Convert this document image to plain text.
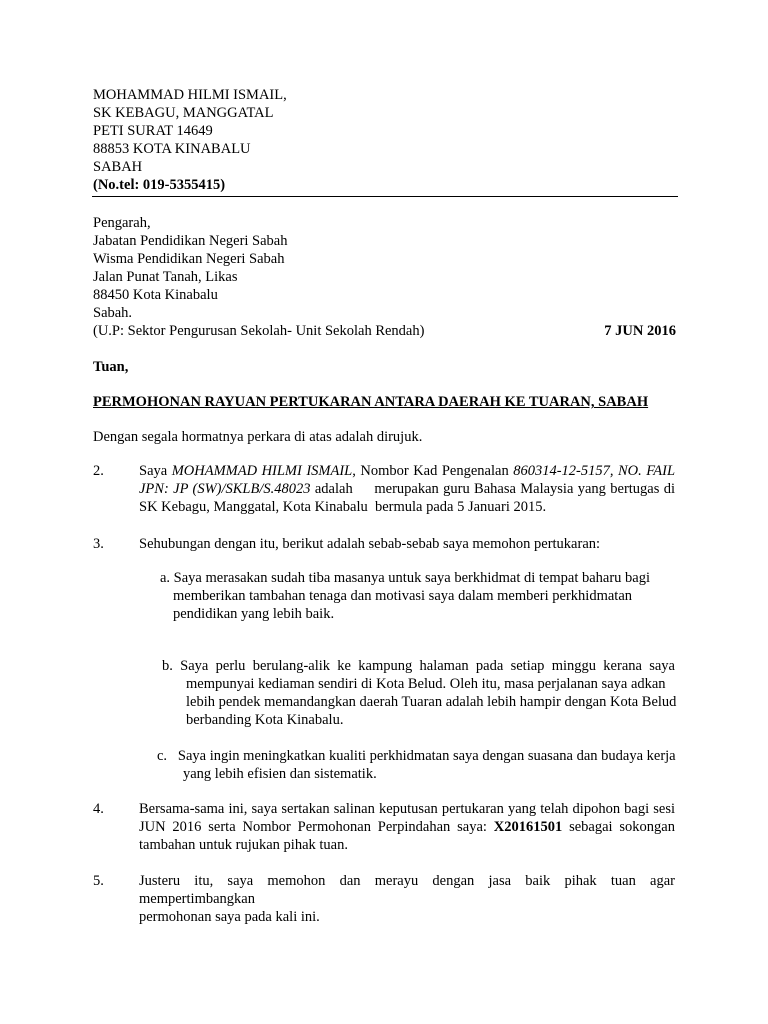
MOHAMMAD HILMI ISMAIL,
SK KEBAGU, MANGGATAL
PETI SURAT 14649
88853 KOTA KINABALU
SABAH
(No.tel: 019-5355415)
Pengarah,
Jabatan Pendidikan Negeri Sabah
Wisma Pendidikan Negeri Sabah
Jalan Punat Tanah, Likas
88450 Kota Kinabalu
Sabah.
(U.P: Sektor Pengurusan Sekolah- Unit Sekolah Rendah)	7 JUN 2016
Tuan,
PERMOHONAN RAYUAN PERTUKARAN ANTARA DAERAH KE TUARAN, SABAH
Dengan segala hormatnya perkara di atas adalah dirujuk.
2. Saya MOHAMMAD HILMI ISMAIL, Nombor Kad Pengenalan 860314-12-5157, NO. FAIL
JPN: JP (SW)/SKLB/S.48023 adalah     merupakan guru Bahasa Malaysia yang bertugas di
SK Kebagu, Manggatal, Kota Kinabalu  bermula pada 5 Januari 2015.
3. Sehubungan dengan itu, berikut adalah sebab-sebab saya memohon pertukaran:
a. Saya merasakan sudah tiba masanya untuk saya berkhidmat di tempat baharu bagi
memberikan tambahan tenaga dan motivasi saya dalam memberi perkhidmatan
pendidikan yang lebih baik.
b. Saya perlu berulang-alik ke kampung halaman pada setiap minggu kerana saya
mempunyai kediaman sendiri di Kota Belud. Oleh itu, masa perjalanan saya adkan
lebih pendek memandangkan daerah Tuaran adalah lebih hampir dengan Kota Belud
berbanding Kota Kinabalu.
c.   Saya ingin meningkatkan kualiti perkhidmatan saya dengan suasana dan budaya kerja
yang lebih efisien dan sistematik.
4. Bersama-sama ini, saya sertakan salinan keputusan pertukaran yang telah dipohon bagi sesi
JUN 2016 serta Nombor Permohonan Perpindahan saya: X20161501 sebagai sokongan
tambahan untuk rujukan pihak tuan.
5. Justeru itu, saya memohon dan merayu dengan jasa baik pihak tuan agar mempertimbangkan
permohonan saya pada kali ini.
